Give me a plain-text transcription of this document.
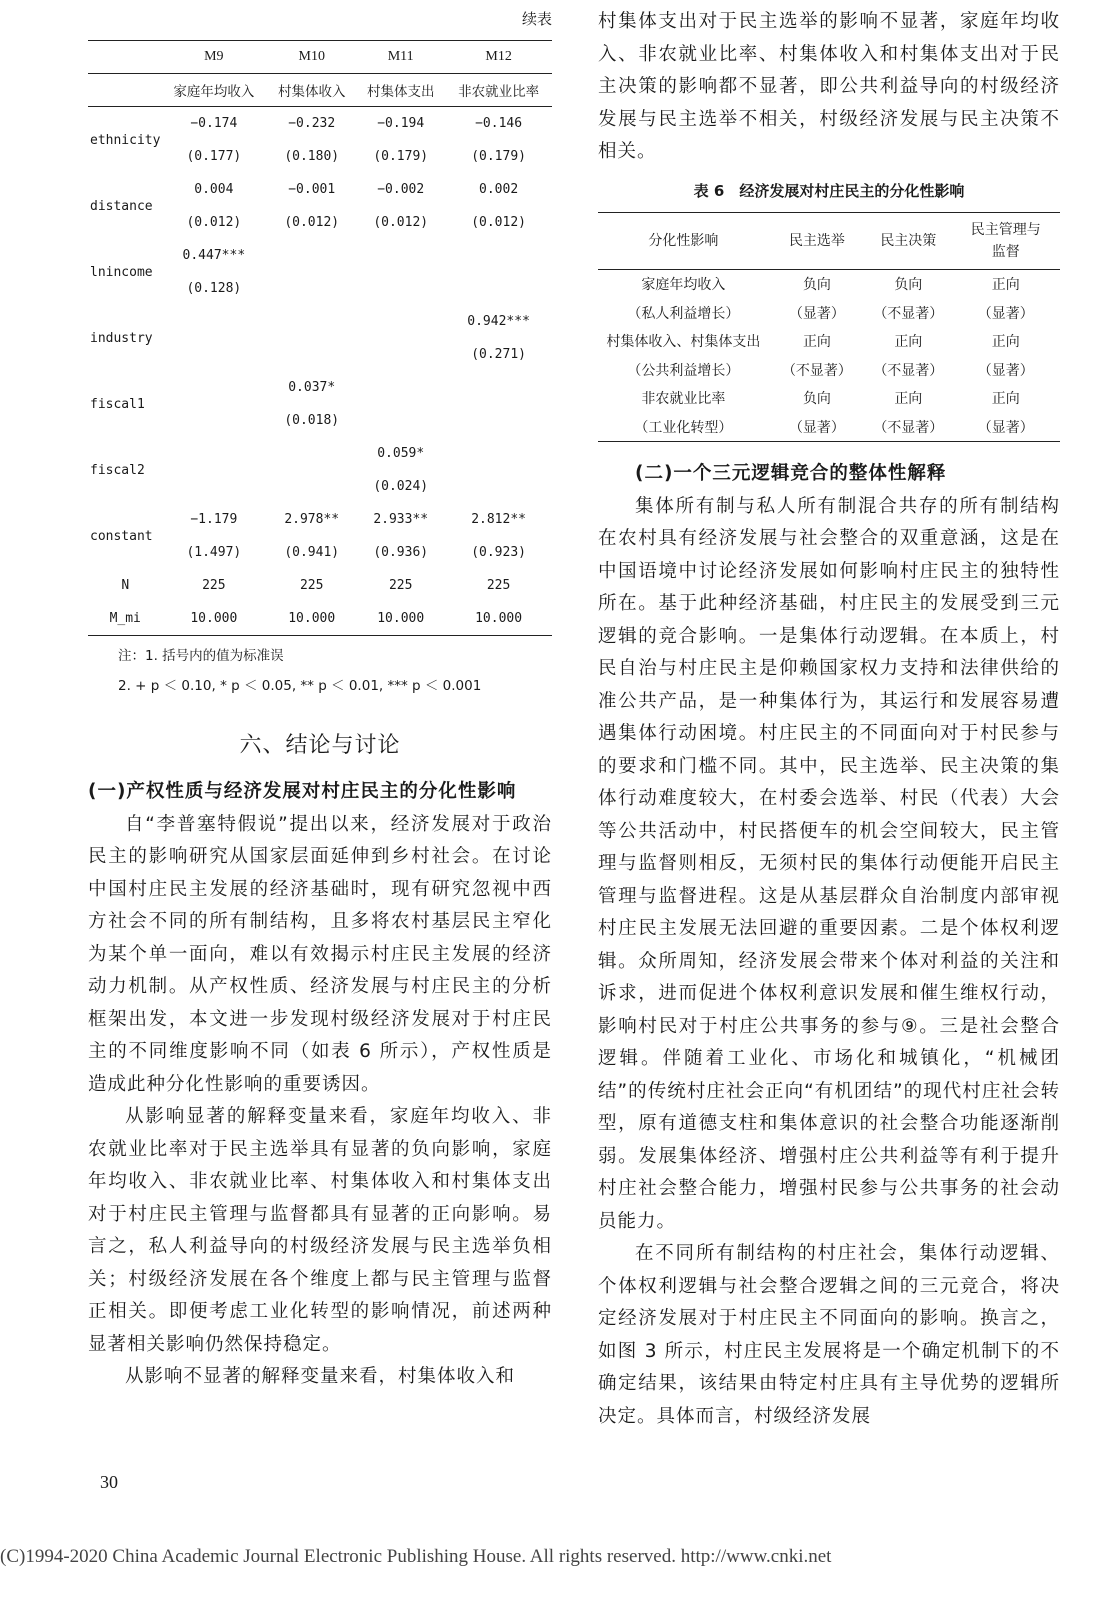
续表
	M9	M10	M11	M12
	家庭年均收入	村集体收入	村集体支出	非农就业比率
ethnicity	−0.174	−0.232	−0.194	−0.146
	(0.177)	(0.180)	(0.179)	(0.179)
distance	0.004	−0.001	−0.002	0.002
	(0.012)	(0.012)	(0.012)	(0.012)
lnincome	0.447***			
	(0.128)			
industry				0.942***
				(0.271)
fiscal1		0.037*		
		(0.018)		
fiscal2			0.059*	
			(0.024)	
constant	−1.179	2.978**	2.933**	2.812**
	(1.497)	(0.941)	(0.936)	(0.923)
N	225	225	225	225
M_mi	10.000	10.000	10.000	10.000
注：1. 括号内的值为标准误
2. + p ＜ 0.10, * p ＜ 0.05, ** p ＜ 0.01, *** p ＜ 0.001
六、结论与讨论

(一)产权性质与经济发展对村庄民主的分化性影响

自“李普塞特假说”提出以来，经济发展对于政治民主的影响研究从国家层面延伸到乡村社会。在讨论中国村庄民主发展的经济基础时，现有研究忽视中西方社会不同的所有制结构，且多将农村基层民主窄化为某个单一面向，难以有效揭示村庄民主发展的经济动力机制。从产权性质、经济发展与村庄民主的分析框架出发，本文进一步发现村级经济发展对于村庄民主的不同维度影响不同（如表 6 所示），产权性质是造成此种分化性影响的重要诱因。

从影响显著的解释变量来看，家庭年均收入、非农就业比率对于民主选举具有显著的负向影响，家庭年均收入、非农就业比率、村集体收入和村集体支出对于村庄民主管理与监督都具有显著的正向影响。易言之，私人利益导向的村级经济发展与民主选举负相关；村级经济发展在各个维度上都与民主管理与监督正相关。即便考虑工业化转型的影响情况，前述两种显著相关影响仍然保持稳定。

从影响不显著的解释变量来看，村集体收入和

30

村集体支出对于民主选举的影响不显著，家庭年均收入、非农就业比率、村集体收入和村集体支出对于民主决策的影响都不显著，即公共利益导向的村级经济发展与民主选举不相关，村级经济发展与民主决策不相关。

表 6　经济发展对村庄民主的分化性影响
分化性影响	民主选举	民主决策	民主管理与监督
家庭年均收入	负向	负向	正向
（私人利益增长）	（显著）	（不显著）	（显著）
村集体收入、村集体支出	正向	正向	正向
（公共利益增长）	（不显著）	（不显著）	（显著）
非农就业比率	负向	正向	正向
（工业化转型）	（显著）	（不显著）	（显著）

(二)一个三元逻辑竞合的整体性解释

集体所有制与私人所有制混合共存的所有制结构在农村具有经济发展与社会整合的双重意涵，这是在中国语境中讨论经济发展如何影响村庄民主的独特性所在。基于此种经济基础，村庄民主的发展受到三元逻辑的竞合影响。一是集体行动逻辑。在本质上，村民自治与村庄民主是仰赖国家权力支持和法律供给的准公共产品，是一种集体行为，其运行和发展容易遭遇集体行动困境。村庄民主的不同面向对于村民参与的要求和门槛不同。其中，民主选举、民主决策的集体行动难度较大，在村委会选举、村民（代表）大会等公共活动中，村民搭便车的机会空间较大，民主管理与监督则相反，无须村民的集体行动便能开启民主管理与监督进程。这是从基层群众自治制度内部审视村庄民主发展无法回避的重要因素。二是个体权利逻辑。众所周知，经济发展会带来个体对利益的关注和诉求，进而促进个体权利意识发展和催生维权行动，影响村民对于村庄公共事务的参与⑨。三是社会整合逻辑。伴随着工业化、市场化和城镇化，“机械团结”的传统村庄社会正向“有机团结”的现代村庄社会转型，原有道德支柱和集体意识的社会整合功能逐渐削弱。发展集体经济、增强村庄公共利益等有利于提升村庄社会整合能力，增强村民参与公共事务的社会动员能力。

在不同所有制结构的村庄社会，集体行动逻辑、个体权利逻辑与社会整合逻辑之间的三元竞合，将决定经济发展对于村庄民主不同面向的影响。换言之，如图 3 所示，村庄民主发展将是一个确定机制下的不确定结果，该结果由特定村庄具有主导优势的逻辑所决定。具体而言，村级经济发展

(C)1994-2020 China Academic Journal Electronic Publishing House. All rights reserved. http://www.cnki.net
